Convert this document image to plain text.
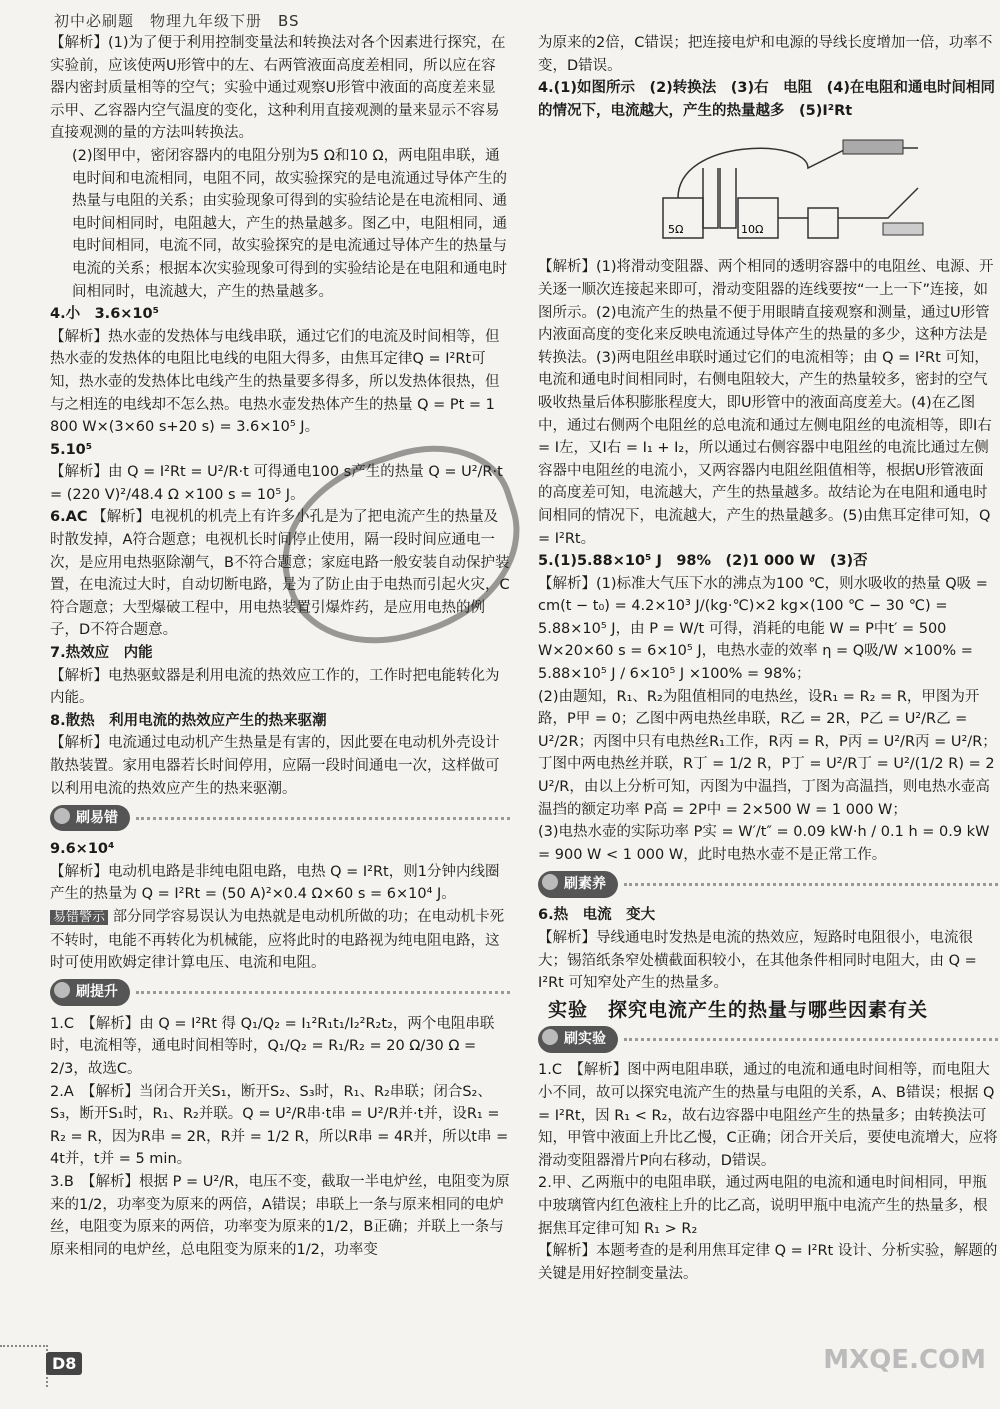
初中必刷题　物理九年级下册　BS

【解析】(1)为了便于利用控制变量法和转换法对各个因素进行探究，在实验前，应该使两U形管中的左、右两管液面高度差相同，所以应在容器内密封质量相等的空气；实验中通过观察U形管中液面的高度差来显示甲、乙容器内空气温度的变化，这种利用直接观测的量来显示不容易直接观测的量的方法叫转换法。

(2)图甲中，密闭容器内的电阻分别为5 Ω和10 Ω，两电阻串联，通电时间和电流相同，电阻不同，故实验探究的是电流通过导体产生的热量与电阻的关系；由实验现象可得到的实验结论是在电流相同、通电时间相同时，电阻越大，产生的热量越多。图乙中，电阻相同，通电时间相同，电流不同，故实验探究的是电流通过导体产生的热量与电流的关系；根据本次实验现象可得到的实验结论是在电阻和通电时间相同时，电流越大，产生的热量越多。

4.小　3.6×10⁵

【解析】热水壶的发热体与电线串联，通过它们的电流及时间相等，但热水壶的发热体的电阻比电线的电阻大得多，由焦耳定律Q = I²Rt可知，热水壶的发热体比电线产生的热量要多得多，所以发热体很热，但与之相连的电线却不怎么热。电热水壶发热体产生的热量 Q = Pt = 1 800 W×(3×60 s+20 s) = 3.6×10⁵ J。

5.10⁵

【解析】由 Q = I²Rt = U²/R·t 可得通电100 s产生的热量 Q = U²/R·t = (220 V)²/48.4 Ω ×100 s = 10⁵ J。

6.AC 【解析】电视机的机壳上有许多小孔是为了把电流产生的热量及时散发掉，A符合题意；电视机长时间停止使用，隔一段时间应通电一次，是应用电热驱除潮气，B不符合题意；家庭电路一般安装自动保护装置，在电流过大时，自动切断电路，是为了防止由于电热而引起火灾，C符合题意；大型爆破工程中，用电热装置引爆炸药，是应用电热的例子，D不符合题意。

7.热效应　内能

【解析】电热驱蚊器是利用电流的热效应工作的，工作时把电能转化为内能。

8.散热　利用电流的热效应产生的热来驱潮

【解析】电流通过电动机产生热量是有害的，因此要在电动机外壳设计散热装置。家用电器若长时间停用，应隔一段时间通电一次，这样做可以利用电流的热效应产生的热来驱潮。

刷易错

9.6×10⁴

【解析】电动机电路是非纯电阻电路，电热 Q = I²Rt，则1分钟内线圈产生的热量为 Q = I²Rt = (50 A)²×0.4 Ω×60 s = 6×10⁴ J。

易错警示 部分同学容易误认为电热就是电动机所做的功；在电动机卡死不转时，电能不再转化为机械能，应将此时的电路视为纯电阻电路，这时可使用欧姆定律计算电压、电流和电阻。

刷提升

1.C　【解析】由 Q = I²Rt 得 Q₁/Q₂ = I₁²R₁t₁/I₂²R₂t₂，两个电阻串联时，电流相等，通电时间相等时，Q₁/Q₂ = R₁/R₂ = 20 Ω/30 Ω = 2/3，故选C。

2.A　【解析】当闭合开关S₁，断开S₂、S₃时，R₁、R₂串联；闭合S₂、S₃，断开S₁时，R₁、R₂并联。Q = U²/R串·t串 = U²/R并·t并，设R₁ = R₂ = R，因为R串 = 2R，R并 = 1/2 R，所以R串 = 4R并，所以t串 = 4t并，t并 = 5 min。

3.B　【解析】根据 P = U²/R，电压不变，截取一半电炉丝，电阻变为原来的1/2，功率变为原来的两倍，A错误；串联上一条与原来相同的电炉丝，电阻变为原来的两倍，功率变为原来的1/2，B正确；并联上一条与原来相同的电炉丝，总电阻变为原来的1/2，功率变

为原来的2倍，C错误；把连接电炉和电源的导线长度增加一倍，功率不变，D错误。

4.(1)如图所示　(2)转换法　(3)右　电阻　(4)在电阻和通电时间相同的情况下，电流越大，产生的热量越多　(5)I²Rt

5Ω	10Ω

【解析】(1)将滑动变阻器、两个相同的透明容器中的电阻丝、电源、开关逐一顺次连接起来即可，滑动变阻器的连线要按“一上一下”连接，如图所示。(2)电流产生的热量不便于用眼睛直接观察和测量，通过U形管内液面高度的变化来反映电流通过导体产生的热量的多少，这种方法是转换法。(3)两电阻丝串联时通过它们的电流相等；由 Q = I²Rt 可知，电流和通电时间相同时，右侧电阻较大，产生的热量较多，密封的空气吸收热量后体积膨胀程度大，即U形管中的液面高度差大。(4)在乙图中，通过右侧两个电阻丝的总电流和通过左侧电阻丝的电流相等，即I右 = I左，又I右 = I₁ + I₂，所以通过右侧容器中电阻丝的电流比通过左侧容器中电阻丝的电流小，又两容器内电阻丝阻值相等，根据U形管液面的高度差可知，电流越大，产生的热量越多。故结论为在电阻和通电时间相同的情况下，电流越大，产生的热量越多。(5)由焦耳定律可知，Q = I²Rt。

5.(1)5.88×10⁵ J　98%　(2)1 000 W　(3)否

【解析】(1)标准大气压下水的沸点为100 ℃，则水吸收的热量 Q吸 = cm(t − t₀) = 4.2×10³ J/(kg·℃)×2 kg×(100 ℃ − 30 ℃) = 5.88×10⁵ J，由 P = W/t 可得，消耗的电能 W = P中t′ = 500 W×20×60 s = 6×10⁵ J，电热水壶的效率 η = Q吸/W ×100% = 5.88×10⁵ J / 6×10⁵ J ×100% = 98%；

(2)由题知，R₁、R₂为阻值相同的电热丝，设R₁ = R₂ = R，甲图为开路，P甲 = 0；乙图中两电热丝串联，R乙 = 2R，P乙 = U²/R乙 = U²/2R；丙图中只有电热丝R₁工作，R丙 = R，P丙 = U²/R丙 = U²/R；丁图中两电热丝并联，R丁 = 1/2 R，P丁 = U²/R丁 = U²/(1/2 R) = 2 U²/R，由以上分析可知，丙图为中温挡，丁图为高温挡，则电热水壶高温挡的额定功率 P高 = 2P中 = 2×500 W = 1 000 W；

(3)电热水壶的实际功率 P实 = W′/t″ = 0.09 kW·h / 0.1 h = 0.9 kW = 900 W < 1 000 W，此时电热水壶不是正常工作。

刷素养

6.热　电流　变大

【解析】导线通电时发热是电流的热效应，短路时电阻很小，电流很大；锡箔纸条窄处横截面积较小，在其他条件相同时电阻大，由 Q = I²Rt 可知窄处产生的热量多。

实验　探究电流产生的热量与哪些因素有关
刷实验

1.C　【解析】图中两电阻串联，通过的电流和通电时间相等，而电阻大小不同，故可以探究电流产生的热量与电阻的关系，A、B错误；根据 Q = I²Rt，因 R₁ < R₂，故右边容器中电阻丝产生的热量多；由转换法可知，甲管中液面上升比乙慢，C正确；闭合开关后，要使电流增大，应将滑动变阻器滑片P向右移动，D错误。

2.甲、乙两瓶中的电阻串联，通过两电阻的电流和通电时间相同，甲瓶中玻璃管内红色液柱上升的比乙高，说明甲瓶中电流产生的热量多，根据焦耳定律可知 R₁ > R₂

【解析】本题考查的是利用焦耳定律 Q = I²Rt 设计、分析实验，解题的关键是用好控制变量法。

D8	MXQE.COM
